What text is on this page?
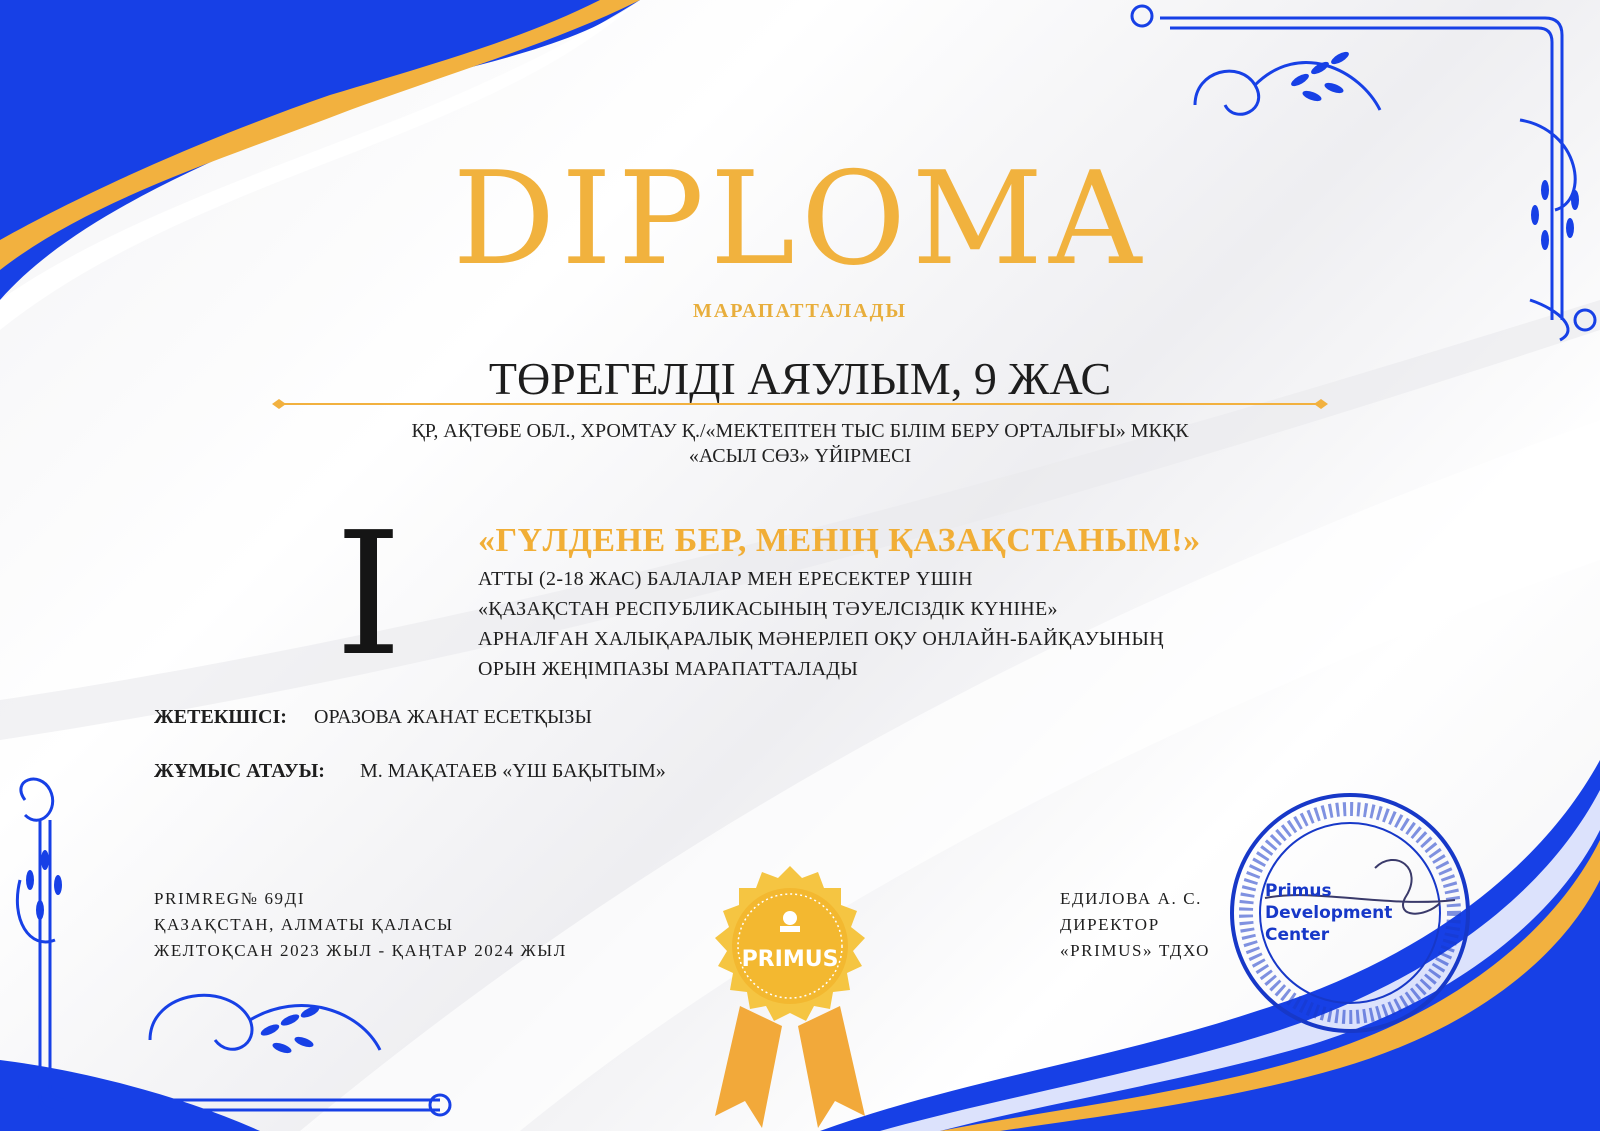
DIPLOMA
МАРАПАТТАЛАДЫ
ТӨРЕГЕЛДІ АЯУЛЫМ, 9 ЖАС
ҚР, АҚТӨБЕ ОБЛ., ХРОМТАУ Қ./«МЕКТЕПТЕН ТЫС БІЛІМ БЕРУ ОРТАЛЫҒЫ» МКҚК
«АСЫЛ СӨЗ» ҮЙІРМЕСІ
I «ГҮЛДЕНЕ БЕР, МЕНІҢ ҚАЗАҚСТАНЫМ!»
АТТЫ (2-18 ЖАС) БАЛАЛАР МЕН ЕРЕСЕКТЕР ҮШІН
«ҚАЗАҚСТАН РЕСПУБЛИКАСЫНЫҢ ТӘУЕЛСІЗДІК КҮНІНЕ»
АРНАЛҒАН ХАЛЫҚАРАЛЫҚ МӘНЕРЛЕП ОҚУ ОНЛАЙН-БАЙҚАУЫНЫҢ
ОРЫН ЖЕҢІМПАЗЫ МАРАПАТТАЛАДЫ
ЖЕТЕКШІСІ: ОРАЗОВА ЖАНАТ ЕСЕТҚЫЗЫ
ЖҰМЫС АТАУЫ: М. МАҚАТАЕВ «ҮШ БАҚЫТЫМ»
PRIMREG№ 69ДІ
ҚАЗАҚСТАН, АЛМАТЫ ҚАЛАСЫ
ЖЕЛТОҚСАН 2023 ЖЫЛ - ҚАҢТАР 2024 ЖЫЛ
ЕДИЛОВА А. С.
ДИРЕКТОР
«PRIMUS» ТДХО
PRIMUS
Primus
Development
Center
